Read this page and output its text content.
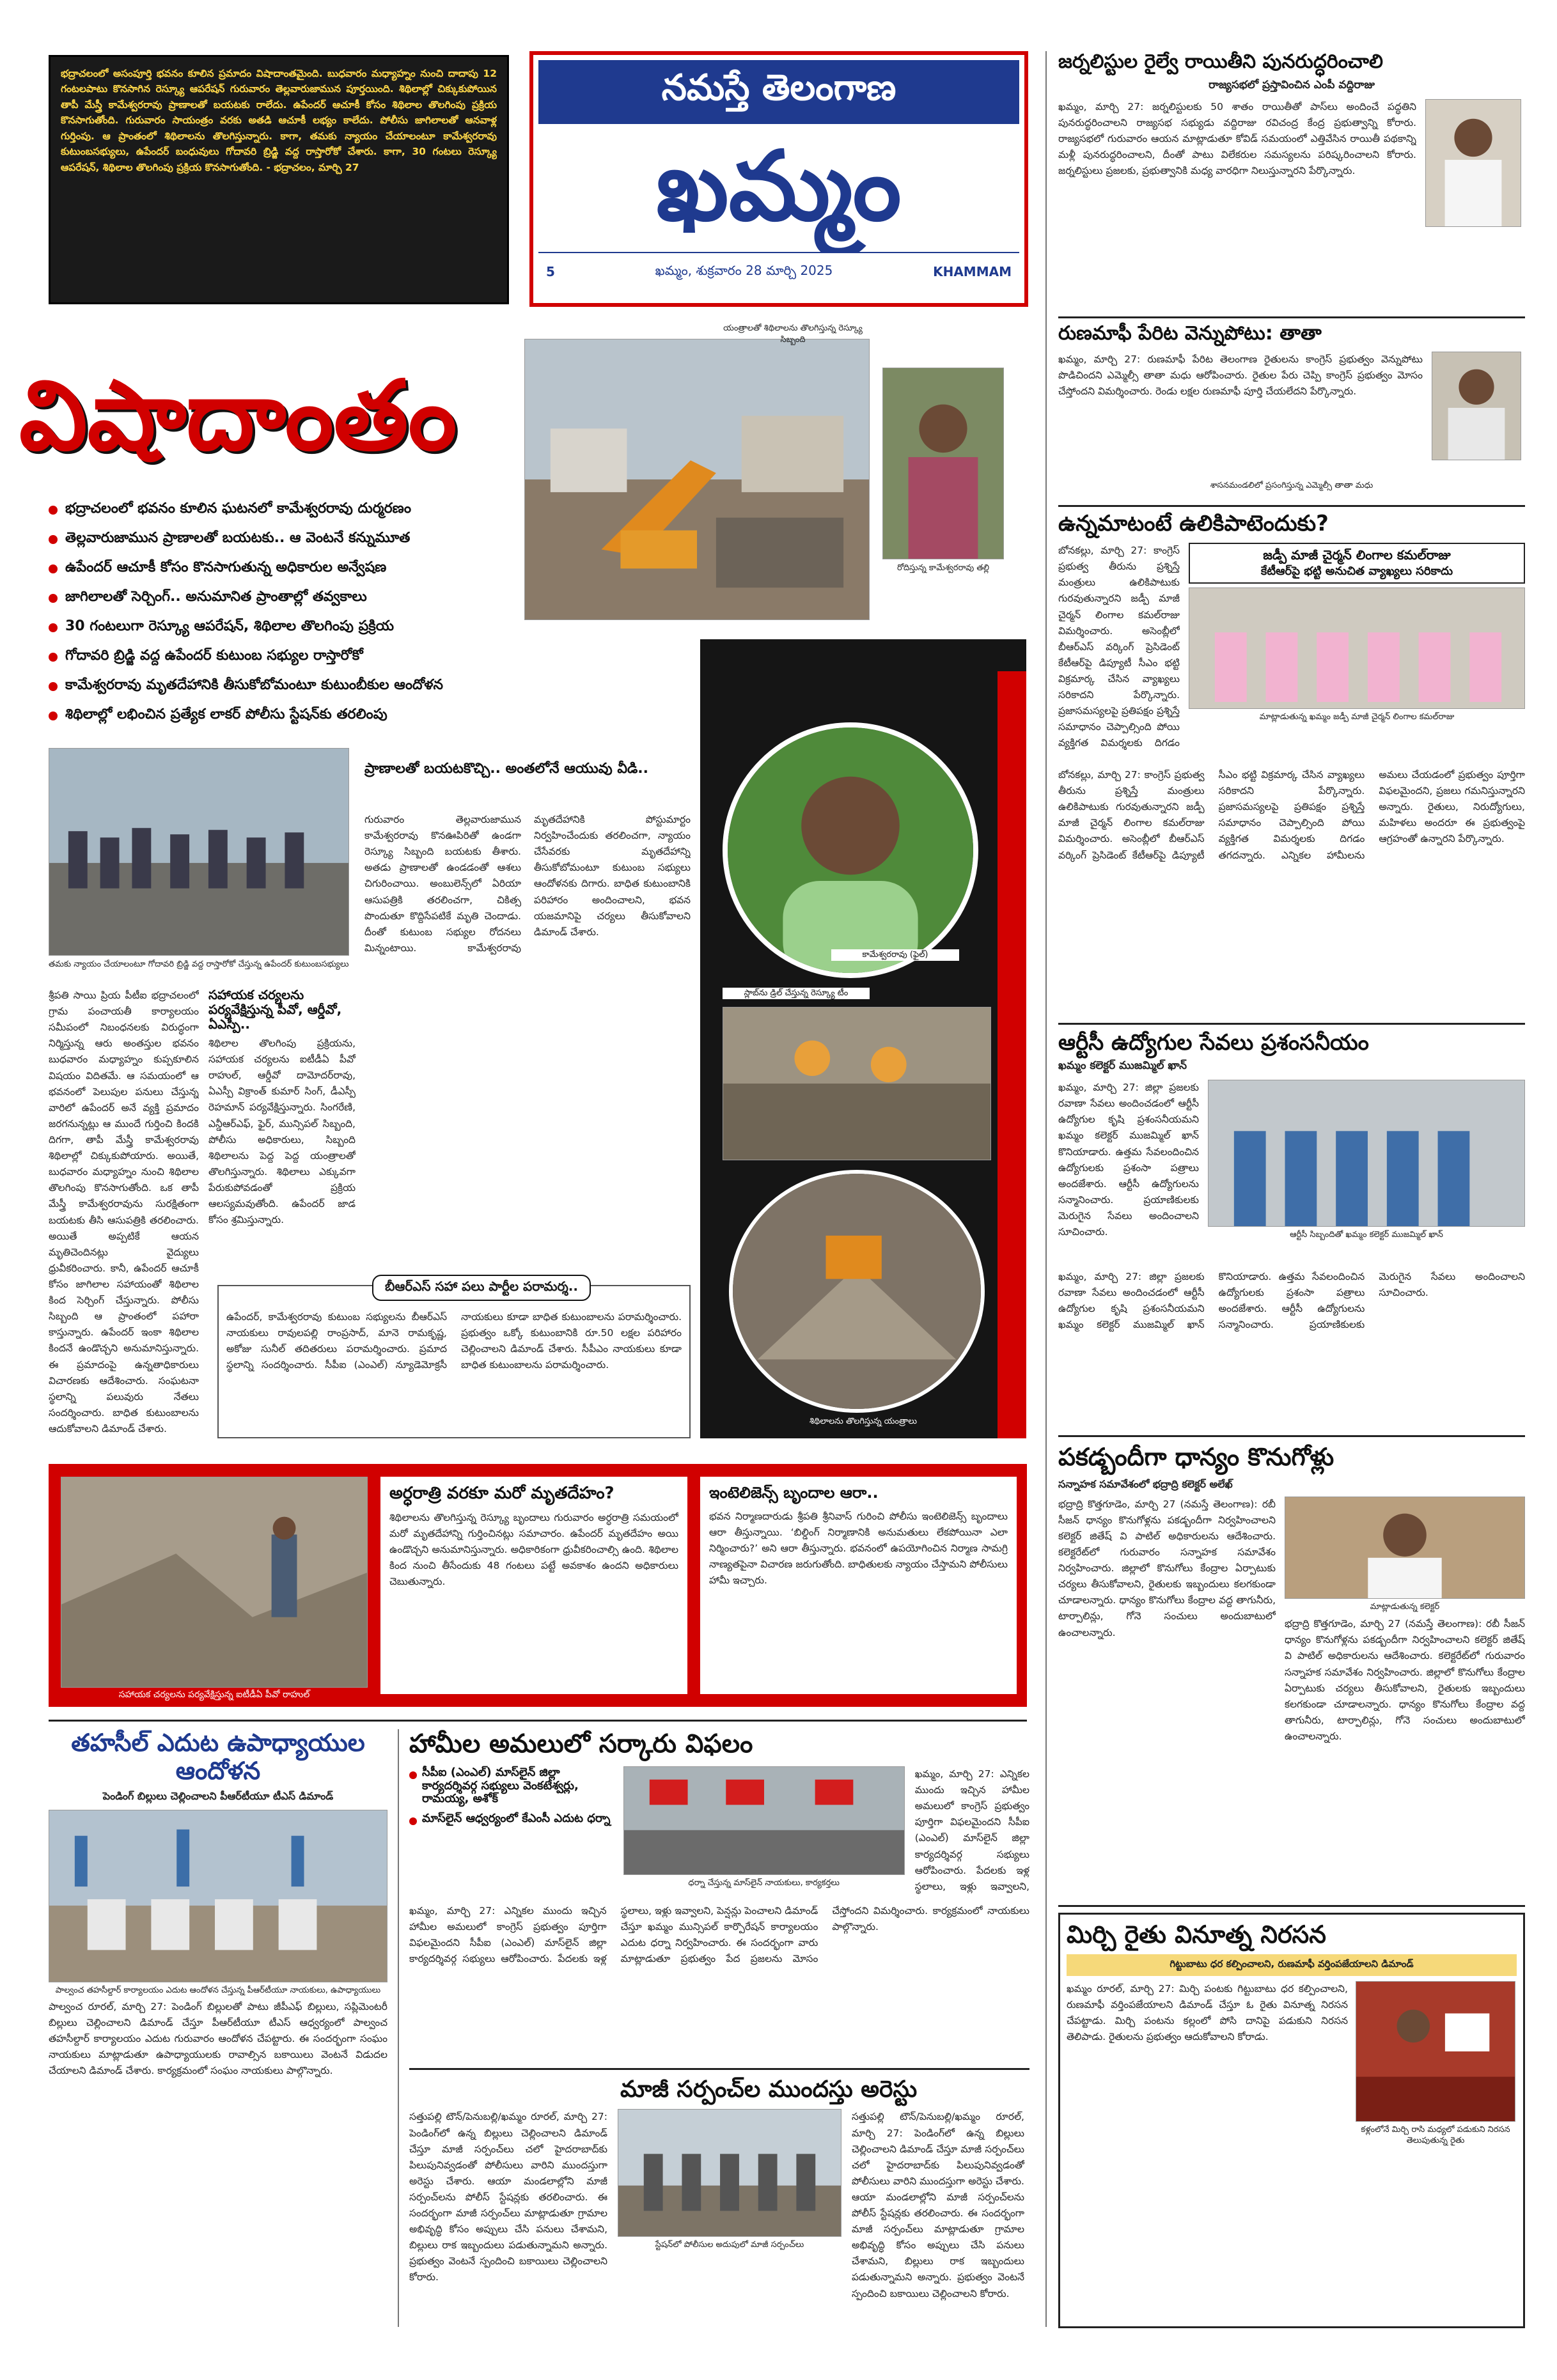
భద్రాచలంలో అసంపూర్తి భవనం కూలిన ప్రమాదం విషాదాంతమైంది. బుధవారం మధ్యాహ్నం నుంచి దాదాపు 12 గంటలపాటు కొనసాగిన రెస్క్యూ ఆపరేషన్ గురువారం తెల్లవారుజామున పూర్తయింది. శిథిలాల్లో చిక్కుకుపోయిన తాపీ మేస్త్రీ కామేశ్వరరావు ప్రాణాలతో బయటకు రాలేదు. ఉపేందర్ ఆచూకీ కోసం శిథిలాల తొలగింపు ప్రక్రియ కొనసాగుతోంది. గురువారం సాయంత్రం వరకు అతడి ఆచూకీ లభ్యం కాలేదు. పోలీసు జాగిలాలతో ఆనవాళ్ల గుర్తింపు. ఆ ప్రాంతంలో శిథిలాలను తొలగిస్తున్నారు. కాగా, తమకు న్యాయం చేయాలంటూ కామేశ్వరరావు కుటుంబసభ్యులు, ఉపేందర్ బంధువులు గోదావరి బ్రిడ్జి వద్ద రాస్తారోకో చేశారు. కాగా, 30 గంటలు రెస్క్యూ ఆపరేషన్, శిథిలాల తొలగింపు ప్రక్రియ కొనసాగుతోంది. - భద్రాచలం, మార్చి 27
నమస్తే తెలంగాణ
ఖమ్మం
5	ఖమ్మం, శుక్రవారం 28 మార్చి 2025	KHAMMAM
విషాదాంతం
యంత్రాలతో శిథిలాలను తొలగిస్తున్న రెస్క్యూ సిబ్బంది
రోదిస్తున్న కామేశ్వరరావు తల్లి
భద్రాచలంలో భవనం కూలిన ఘటనలో కామేశ్వరరావు దుర్మరణం
తెల్లవారుజామున ప్రాణాలతో బయటకు.. ఆ వెంటనే కన్నుమూత
ఉపేందర్ ఆచూకీ కోసం కొనసాగుతున్న అధికారుల అన్వేషణ
జాగిలాలతో సెర్చింగ్.. అనుమానిత ప్రాంతాల్లో తవ్వకాలు
30 గంటలుగా రెస్క్యూ ఆపరేషన్, శిథిలాల తొలగింపు ప్రక్రియ
గోదావరి బ్రిడ్జి వద్ద ఉపేందర్ కుటుంబ సభ్యుల రాస్తారోకో
కామేశ్వరరావు మృతదేహానికి తీసుకోబోమంటూ కుటుంబీకుల ఆందోళన
శిథిలాల్లో లభించిన ప్రత్యేక లాకర్ పోలీసు స్టేషన్‌కు తరలింపు
కామేశ్వరరావు (ఫైల్)
స్లాబ్‌ను డ్రిల్ చేస్తున్న రెస్క్యూ టీం
శిథిలాలను తొలగిస్తున్న యంత్రాలు
తమకు న్యాయం చేయాలంటూ గోదావరి బ్రిడ్జి వద్ద రాస్తారోకో చేస్తున్న ఉపేందర్ కుటుంబసభ్యులు
శ్రీపతి సాయి ప్రియ పీటీఐ భద్రాచలంలో గ్రామ పంచాయతీ కార్యాలయం సమీపంలో నిబంధనలకు విరుద్ధంగా నిర్మిస్తున్న ఆరు అంతస్తుల భవనం బుధవారం మధ్యాహ్నం కుప్పకూలిన విషయం విదితమే. ఆ సమయంలో ఆ భవనంలో పెలుపుల పనులు చేస్తున్న వారిలో ఉపేందర్ అనే వ్యక్తి ప్రమాదం జరగనున్నట్లు ఆ ముందే గుర్తించి కిందకి దిగగా, తాపీ మేస్త్రీ కామేశ్వరరావు శిథిలాల్లో చిక్కుకుపోయారు. అయితే, బుధవారం మధ్యాహ్నం నుంచి శిథిలాల తొలగింపు కొనసాగుతోంది. ఒక తాపీ మేస్త్రీ కామేశ్వరరావును సురక్షితంగా బయటకు తీసి ఆసుపత్రికి తరలించారు. అయితే అప్పటికే ఆయన మృతిచెందినట్లు వైద్యులు ధ్రువీకరించారు. కానీ, ఉపేందర్ ఆచూకీ కోసం జాగిలాల సహాయంతో శిథిలాల కింద సెర్చింగ్ చేస్తున్నారు. పోలీసు సిబ్బంది ఆ ప్రాంతంలో పహారా కాస్తున్నారు. ఉపేందర్ ఇంకా శిథిలాల కిందనే ఉండొచ్చని అనుమానిస్తున్నారు. ఈ ప్రమాదంపై ఉన్నతాధికారులు విచారణకు ఆదేశించారు. సంఘటనా స్థలాన్ని పలువురు నేతలు సందర్శించారు. బాధిత కుటుంబాలను ఆదుకోవాలని డిమాండ్ చేశారు.
సహాయక చర్యలను పర్యవేక్షిస్తున్న పీవో, ఆర్డీవో, ఏఎస్పీ..
శిథిలాల తొలగింపు ప్రక్రియను, సహాయక చర్యలను ఐటీడీఏ పీవో రాహుల్, ఆర్డీవో దామోదర్‌రావు, ఏఎస్పీ విక్రాంత్‌ కుమార్‌ సింగ్, డీఎస్పీ రెహమాన్‌ పర్యవేక్షిస్తున్నారు. సింగరేణి, ఎన్డీఆర్‌ఎఫ్, ఫైర్, మున్సిపల్ సిబ్బంది, పోలీసు అధికారులు, సిబ్బంది శిథిలాలను పెద్ద పెద్ద యంత్రాలతో తొలగిస్తున్నారు. శిథిలాలు ఎక్కువగా పేరుకుపోవడంతో ప్రక్రియ ఆలస్యమవుతోంది. ఉపేందర్ జాడ కోసం శ్రమిస్తున్నారు.
ప్రాణాలతో బయటకొచ్చి.. అంతలోనే ఆయువు వీడి..
గురువారం తెల్లవారుజామున కామేశ్వరరావు కొనఊపిరితో ఉండగా రెస్క్యూ సిబ్బంది బయటకు తీశారు. అతడు ప్రాణాలతో ఉండడంతో ఆశలు చిగురించాయి. అంబులెన్స్‌లో ఏరియా ఆసుపత్రికి తరలించగా, చికిత్స పొందుతూ కొద్దిసేపటికే మృతి చెందాడు. దీంతో కుటుంబ సభ్యుల రోదనలు మిన్నంటాయి. కామేశ్వరరావు మృతదేహానికి పోస్టుమార్టం నిర్వహించేందుకు తరలించగా, న్యాయం చేసేవరకు మృతదేహాన్ని తీసుకోబోమంటూ కుటుంబ సభ్యులు ఆందోళనకు దిగారు. బాధిత కుటుంబానికి పరిహారం అందించాలని, భవన యజమానిపై చర్యలు తీసుకోవాలని డిమాండ్ చేశారు.
బీఆర్‌ఎస్ సహా పలు పార్టీల పరామర్శ..
ఉపేందర్, కామేశ్వరరావు కుటుంబ సభ్యులను బీఆర్‌ఎస్ నాయకులు రావులపల్లి రాంప్రసాద్, మానె రామకృష్ణ, అకోజు సునీల్ తదితరులు పరామర్శించారు. ప్రమాద స్థలాన్ని సందర్శించారు. సీపీఐ (ఎంఎల్) న్యూడెమోక్రసీ నాయకులు కూడా బాధిత కుటుంబాలను పరామర్శించారు. ప్రభుత్వం ఒక్కో కుటుంబానికి రూ.50 లక్షల పరిహారం చెల్లించాలని డిమాండ్ చేశారు. సీపీఎం నాయకులు కూడా బాధిత కుటుంబాలను పరామర్శించారు.
సహాయక చర్యలను పర్యవేక్షిస్తున్న ఐటీడీఏ పీవో రాహుల్
అర్ధరాత్రి వరకూ మరో మృతదేహం?
శిథిలాలను తొలగిస్తున్న రెస్క్యూ బృందాలు గురువారం అర్ధరాత్రి సమయంలో మరో మృతదేహాన్ని గుర్తించినట్లు సమాచారం. ఉపేందర్ మృతదేహం అయి ఉండొచ్చని అనుమానిస్తున్నారు. అధికారికంగా ధ్రువీకరించాల్సి ఉంది. శిథిలాల కింద నుంచి తీసేందుకు 48 గంటలు పట్టే అవకాశం ఉందని అధికారులు చెబుతున్నారు.
ఇంటెలిజెన్స్ బృందాల ఆరా..
భవన నిర్మాణదారుడు శ్రీపతి శ్రీనివాస్ గురించి పోలీసు ఇంటెలిజెన్స్ బృందాలు ఆరా తీస్తున్నాయి. ‘బిల్డింగ్ నిర్మాణానికి అనుమతులు లేకపోయినా ఎలా నిర్మించారు?’ అని ఆరా తీస్తున్నారు. భవనంలో ఉపయోగించిన నిర్మాణ సామగ్రి నాణ్యతపైనా విచారణ జరుగుతోంది. బాధితులకు న్యాయం చేస్తామని పోలీసులు హామీ ఇచ్చారు.
జర్నలిస్టుల రైల్వే రాయితీని పునరుద్ధరించాలి
రాజ్యసభలో ప్రస్తావించిన ఎంపీ వద్దిరాజు
ఖమ్మం, మార్చి 27: జర్నలిస్టులకు 50 శాతం రాయితీతో పాస్‌లు అందించే పద్ధతిని పునరుద్ధరించాలని రాజ్యసభ సభ్యుడు వద్దిరాజు రవిచంద్ర కేంద్ర ప్రభుత్వాన్ని కోరారు. రాజ్యసభలో గురువారం ఆయన మాట్లాడుతూ కోవిడ్ సమయంలో ఎత్తివేసిన రాయితీ పథకాన్ని మళ్లీ పునరుద్ధరించాలని, దీంతో పాటు విలేకరుల సమస్యలను పరిష్కరించాలని కోరారు. జర్నలిస్టులు ప్రజలకు, ప్రభుత్వానికి మధ్య వారధిగా నిలుస్తున్నారని పేర్కొన్నారు.
రుణమాఫీ పేరిట వెన్నుపోటు: తాతా
ఖమ్మం, మార్చి 27: రుణమాఫీ పేరిట తెలంగాణ రైతులను కాంగ్రెస్ ప్రభుత్వం వెన్నుపోటు పొడిచిందని ఎమ్మెల్సీ తాతా మధు ఆరోపించారు. రైతుల పేరు చెప్పి కాంగ్రెస్ ప్రభుత్వం మోసం చేస్తోందని విమర్శించారు. రెండు లక్షల రుణమాఫీ పూర్తి చేయలేదని పేర్కొన్నారు.
శాసనమండలిలో ప్రసంగిస్తున్న ఎమ్మెల్సీ తాతా మధు
ఉన్నమాటంటే ఉలికిపాటెందుకు?
బోనకల్లు, మార్చి 27: కాంగ్రెస్ ప్రభుత్వ తీరును ప్రశ్నిస్తే మంత్రులు ఉలికిపాటుకు గురవుతున్నారని జడ్పీ మాజీ చైర్మన్ లింగాల కమల్‌రాజు విమర్శించారు. అసెంబ్లీలో బీఆర్‌ఎస్ వర్కింగ్ ప్రెసిడెంట్ కేటీఆర్‌పై డిప్యూటీ సీఎం భట్టి విక్రమార్క చేసిన వ్యాఖ్యలు సరికాదని పేర్కొన్నారు. ప్రజాసమస్యలపై ప్రతిపక్షం ప్రశ్నిస్తే సమాధానం చెప్పాల్సింది పోయి వ్యక్తిగత విమర్శలకు దిగడం
జడ్పీ మాజీ చైర్మన్ లింగాల కమల్‌రాజు
కేటీఆర్‌పై భట్టి అనుచిత వ్యాఖ్యలు సరికాదు
మాట్లాడుతున్న ఖమ్మం జడ్పీ మాజీ చైర్మన్ లింగాల కమల్‌రాజు
బోనకల్లు, మార్చి 27: కాంగ్రెస్ ప్రభుత్వ తీరును ప్రశ్నిస్తే మంత్రులు ఉలికిపాటుకు గురవుతున్నారని జడ్పీ మాజీ చైర్మన్ లింగాల కమల్‌రాజు విమర్శించారు. అసెంబ్లీలో బీఆర్‌ఎస్ వర్కింగ్ ప్రెసిడెంట్ కేటీఆర్‌పై డిప్యూటీ సీఎం భట్టి విక్రమార్క చేసిన వ్యాఖ్యలు సరికాదని పేర్కొన్నారు. ప్రజాసమస్యలపై ప్రతిపక్షం ప్రశ్నిస్తే సమాధానం చెప్పాల్సింది పోయి వ్యక్తిగత విమర్శలకు దిగడం తగదన్నారు. ఎన్నికల హామీలను అమలు చేయడంలో ప్రభుత్వం పూర్తిగా విఫలమైందని, ప్రజలు గమనిస్తున్నారని అన్నారు. రైతులు, నిరుద్యోగులు, మహిళలు అందరూ ఈ ప్రభుత్వంపై ఆగ్రహంతో ఉన్నారని పేర్కొన్నారు.
ఆర్టీసీ ఉద్యోగుల సేవలు ప్రశంసనీయం
ఖమ్మం కలెక్టర్ ముజమ్మిల్ ఖాన్
ఖమ్మం, మార్చి 27: జిల్లా ప్రజలకు రవాణా సేవలు అందించడంలో ఆర్టీసీ ఉద్యోగుల కృషి ప్రశంసనీయమని ఖమ్మం కలెక్టర్ ముజమ్మిల్ ఖాన్ కొనియాడారు. ఉత్తమ సేవలందించిన ఉద్యోగులకు ప్రశంసా పత్రాలు అందజేశారు. ఆర్టీసీ ఉద్యోగులను సన్మానించారు. ప్రయాణికులకు మెరుగైన సేవలు అందించాలని సూచించారు.	ఆర్టీసీ సిబ్బందితో ఖమ్మం కలెక్టర్ ముజమ్మిల్ ఖాన్
ఖమ్మం, మార్చి 27: జిల్లా ప్రజలకు రవాణా సేవలు అందించడంలో ఆర్టీసీ ఉద్యోగుల కృషి ప్రశంసనీయమని ఖమ్మం కలెక్టర్ ముజమ్మిల్ ఖాన్ కొనియాడారు. ఉత్తమ సేవలందించిన ఉద్యోగులకు ప్రశంసా పత్రాలు అందజేశారు. ఆర్టీసీ ఉద్యోగులను సన్మానించారు. ప్రయాణికులకు మెరుగైన సేవలు అందించాలని సూచించారు.
పకడ్బందీగా ధాన్యం కొనుగోళ్లు
సన్నాహక సమావేశంలో భద్రాద్రి కలెక్టర్ అలేఖ్
భద్రాద్రి కొత్తగూడెం, మార్చి 27 (నమస్తే తెలంగాణ): రబీ సీజన్ ధాన్యం కొనుగోళ్లను పకడ్బందీగా నిర్వహించాలని కలెక్టర్ జితేష్ వి పాటిల్ అధికారులను ఆదేశించారు. కలెక్టరేట్‌లో గురువారం సన్నాహక సమావేశం నిర్వహించారు. జిల్లాలో కొనుగోలు కేంద్రాల ఏర్పాటుకు చర్యలు తీసుకోవాలని, రైతులకు ఇబ్బందులు కలగకుండా చూడాలన్నారు. ధాన్యం కొనుగోలు కేంద్రాల వద్ద తాగునీరు, టార్పాలిన్లు, గోనె సంచులు అందుబాటులో ఉంచాలన్నారు.
మాట్లాడుతున్న కలెక్టర్
భద్రాద్రి కొత్తగూడెం, మార్చి 27 (నమస్తే తెలంగాణ): రబీ సీజన్ ధాన్యం కొనుగోళ్లను పకడ్బందీగా నిర్వహించాలని కలెక్టర్ జితేష్ వి పాటిల్ అధికారులను ఆదేశించారు. కలెక్టరేట్‌లో గురువారం సన్నాహక సమావేశం నిర్వహించారు. జిల్లాలో కొనుగోలు కేంద్రాల ఏర్పాటుకు చర్యలు తీసుకోవాలని, రైతులకు ఇబ్బందులు కలగకుండా చూడాలన్నారు. ధాన్యం కొనుగోలు కేంద్రాల వద్ద తాగునీరు, టార్పాలిన్లు, గోనె సంచులు అందుబాటులో ఉంచాలన్నారు.
మిర్చి రైతు వినూత్న నిరసన
గిట్టుబాటు ధర కల్పించాలని, రుణమాఫీ వర్తింపజేయాలని డిమాండ్
ఖమ్మం రూరల్, మార్చి 27: మిర్చి పంటకు గిట్టుబాటు ధర కల్పించాలని, రుణమాఫీ వర్తింపజేయాలని డిమాండ్ చేస్తూ ఓ రైతు వినూత్న నిరసన చేపట్టాడు. మిర్చి పంటను కల్లంలో పోసి దానిపై పడుకుని నిరసన తెలిపాడు. రైతులను ప్రభుత్వం ఆదుకోవాలని కోరాడు.
కళ్లంలోనే మిర్చి రాసి మధ్యలో పడుకుని నిరసన తెలుపుతున్న రైతు
తహసీల్ ఎదుట ఉపాధ్యాయుల ఆందోళన
పెండింగ్ బిల్లులు చెల్లించాలని పీఆర్‌టీయూ టీఎస్ డిమాండ్
పాల్వంచ తహసీల్దార్ కార్యాలయం ఎదుట ఆందోళన చేస్తున్న పీఆర్‌టీయూ నాయకులు, ఉపాధ్యాయులు
పాల్వంచ రూరల్, మార్చి 27: పెండింగ్ బిల్లులతో పాటు జీపీఎఫ్ బిల్లులు, సప్లిమెంటరీ బిల్లులు చెల్లించాలని డిమాండ్ చేస్తూ పీఆర్‌టీయూ టీఎస్ ఆధ్వర్యంలో పాల్వంచ తహసీల్దార్ కార్యాలయం ఎదుట గురువారం ఆందోళన చేపట్టారు. ఈ సందర్భంగా సంఘం నాయకులు మాట్లాడుతూ ఉపాధ్యాయులకు రావాల్సిన బకాయిలు వెంటనే విడుదల చేయాలని డిమాండ్ చేశారు. కార్యక్రమంలో సంఘం నాయకులు పాల్గొన్నారు.
హామీల అమలులో సర్కారు విఫలం
సీపీఐ (ఎంఎల్) మాస్‌లైన్ జిల్లా కార్యదర్శివర్గ సభ్యులు వెంకటేశ్వర్లు, రామయ్య, అశోక్
మాస్‌లైన్ ఆధ్వర్యంలో కేఎంసీ ఎదుట ధర్నా
ధర్నా చేస్తున్న మాస్‌లైన్ నాయకులు, కార్యకర్తలు
ఖమ్మం, మార్చి 27: ఎన్నికల ముందు ఇచ్చిన హామీల అమలులో కాంగ్రెస్ ప్రభుత్వం పూర్తిగా విఫలమైందని సీపీఐ (ఎంఎల్) మాస్‌లైన్ జిల్లా కార్యదర్శివర్గ సభ్యులు ఆరోపించారు. పేదలకు ఇళ్ల స్థలాలు, ఇళ్లు ఇవ్వాలని,
ఖమ్మం, మార్చి 27: ఎన్నికల ముందు ఇచ్చిన హామీల అమలులో కాంగ్రెస్ ప్రభుత్వం పూర్తిగా విఫలమైందని సీపీఐ (ఎంఎల్) మాస్‌లైన్ జిల్లా కార్యదర్శివర్గ సభ్యులు ఆరోపించారు. పేదలకు ఇళ్ల స్థలాలు, ఇళ్లు ఇవ్వాలని, పెన్షన్లు పెంచాలని డిమాండ్ చేస్తూ ఖమ్మం మున్సిపల్ కార్పొరేషన్ కార్యాలయం ఎదుట ధర్నా నిర్వహించారు. ఈ సందర్భంగా వారు మాట్లాడుతూ ప్రభుత్వం పేద ప్రజలను మోసం చేస్తోందని విమర్శించారు. కార్యక్రమంలో నాయకులు పాల్గొన్నారు.
మాజీ సర్పంచ్‌ల ముందస్తు అరెస్టు
సత్తుపల్లి టౌన్/పెనుబల్లి/ఖమ్మం రూరల్, మార్చి 27: పెండింగ్‌లో ఉన్న బిల్లులు చెల్లించాలని డిమాండ్ చేస్తూ మాజీ సర్పంచ్‌లు చలో హైదరాబాద్‌కు పిలుపునివ్వడంతో పోలీసులు వారిని ముందస్తుగా అరెస్టు చేశారు. ఆయా మండలాల్లోని మాజీ సర్పంచ్‌లను పోలీస్ స్టేషన్లకు తరలించారు. ఈ సందర్భంగా మాజీ సర్పంచ్‌లు మాట్లాడుతూ గ్రామాల అభివృద్ధి కోసం అప్పులు చేసి పనులు చేశామని, బిల్లులు రాక ఇబ్బందులు పడుతున్నామని అన్నారు. ప్రభుత్వం వెంటనే స్పందించి బకాయిలు చెల్లించాలని కోరారు.
స్టేషన్‌లో పోలీసుల అదుపులో మాజీ సర్పంచ్‌లు
సత్తుపల్లి టౌన్/పెనుబల్లి/ఖమ్మం రూరల్, మార్చి 27: పెండింగ్‌లో ఉన్న బిల్లులు చెల్లించాలని డిమాండ్ చేస్తూ మాజీ సర్పంచ్‌లు చలో హైదరాబాద్‌కు పిలుపునివ్వడంతో పోలీసులు వారిని ముందస్తుగా అరెస్టు చేశారు. ఆయా మండలాల్లోని మాజీ సర్పంచ్‌లను పోలీస్ స్టేషన్లకు తరలించారు. ఈ సందర్భంగా మాజీ సర్పంచ్‌లు మాట్లాడుతూ గ్రామాల అభివృద్ధి కోసం అప్పులు చేసి పనులు చేశామని, బిల్లులు రాక ఇబ్బందులు పడుతున్నామని అన్నారు. ప్రభుత్వం వెంటనే స్పందించి బకాయిలు చెల్లించాలని కోరారు.
